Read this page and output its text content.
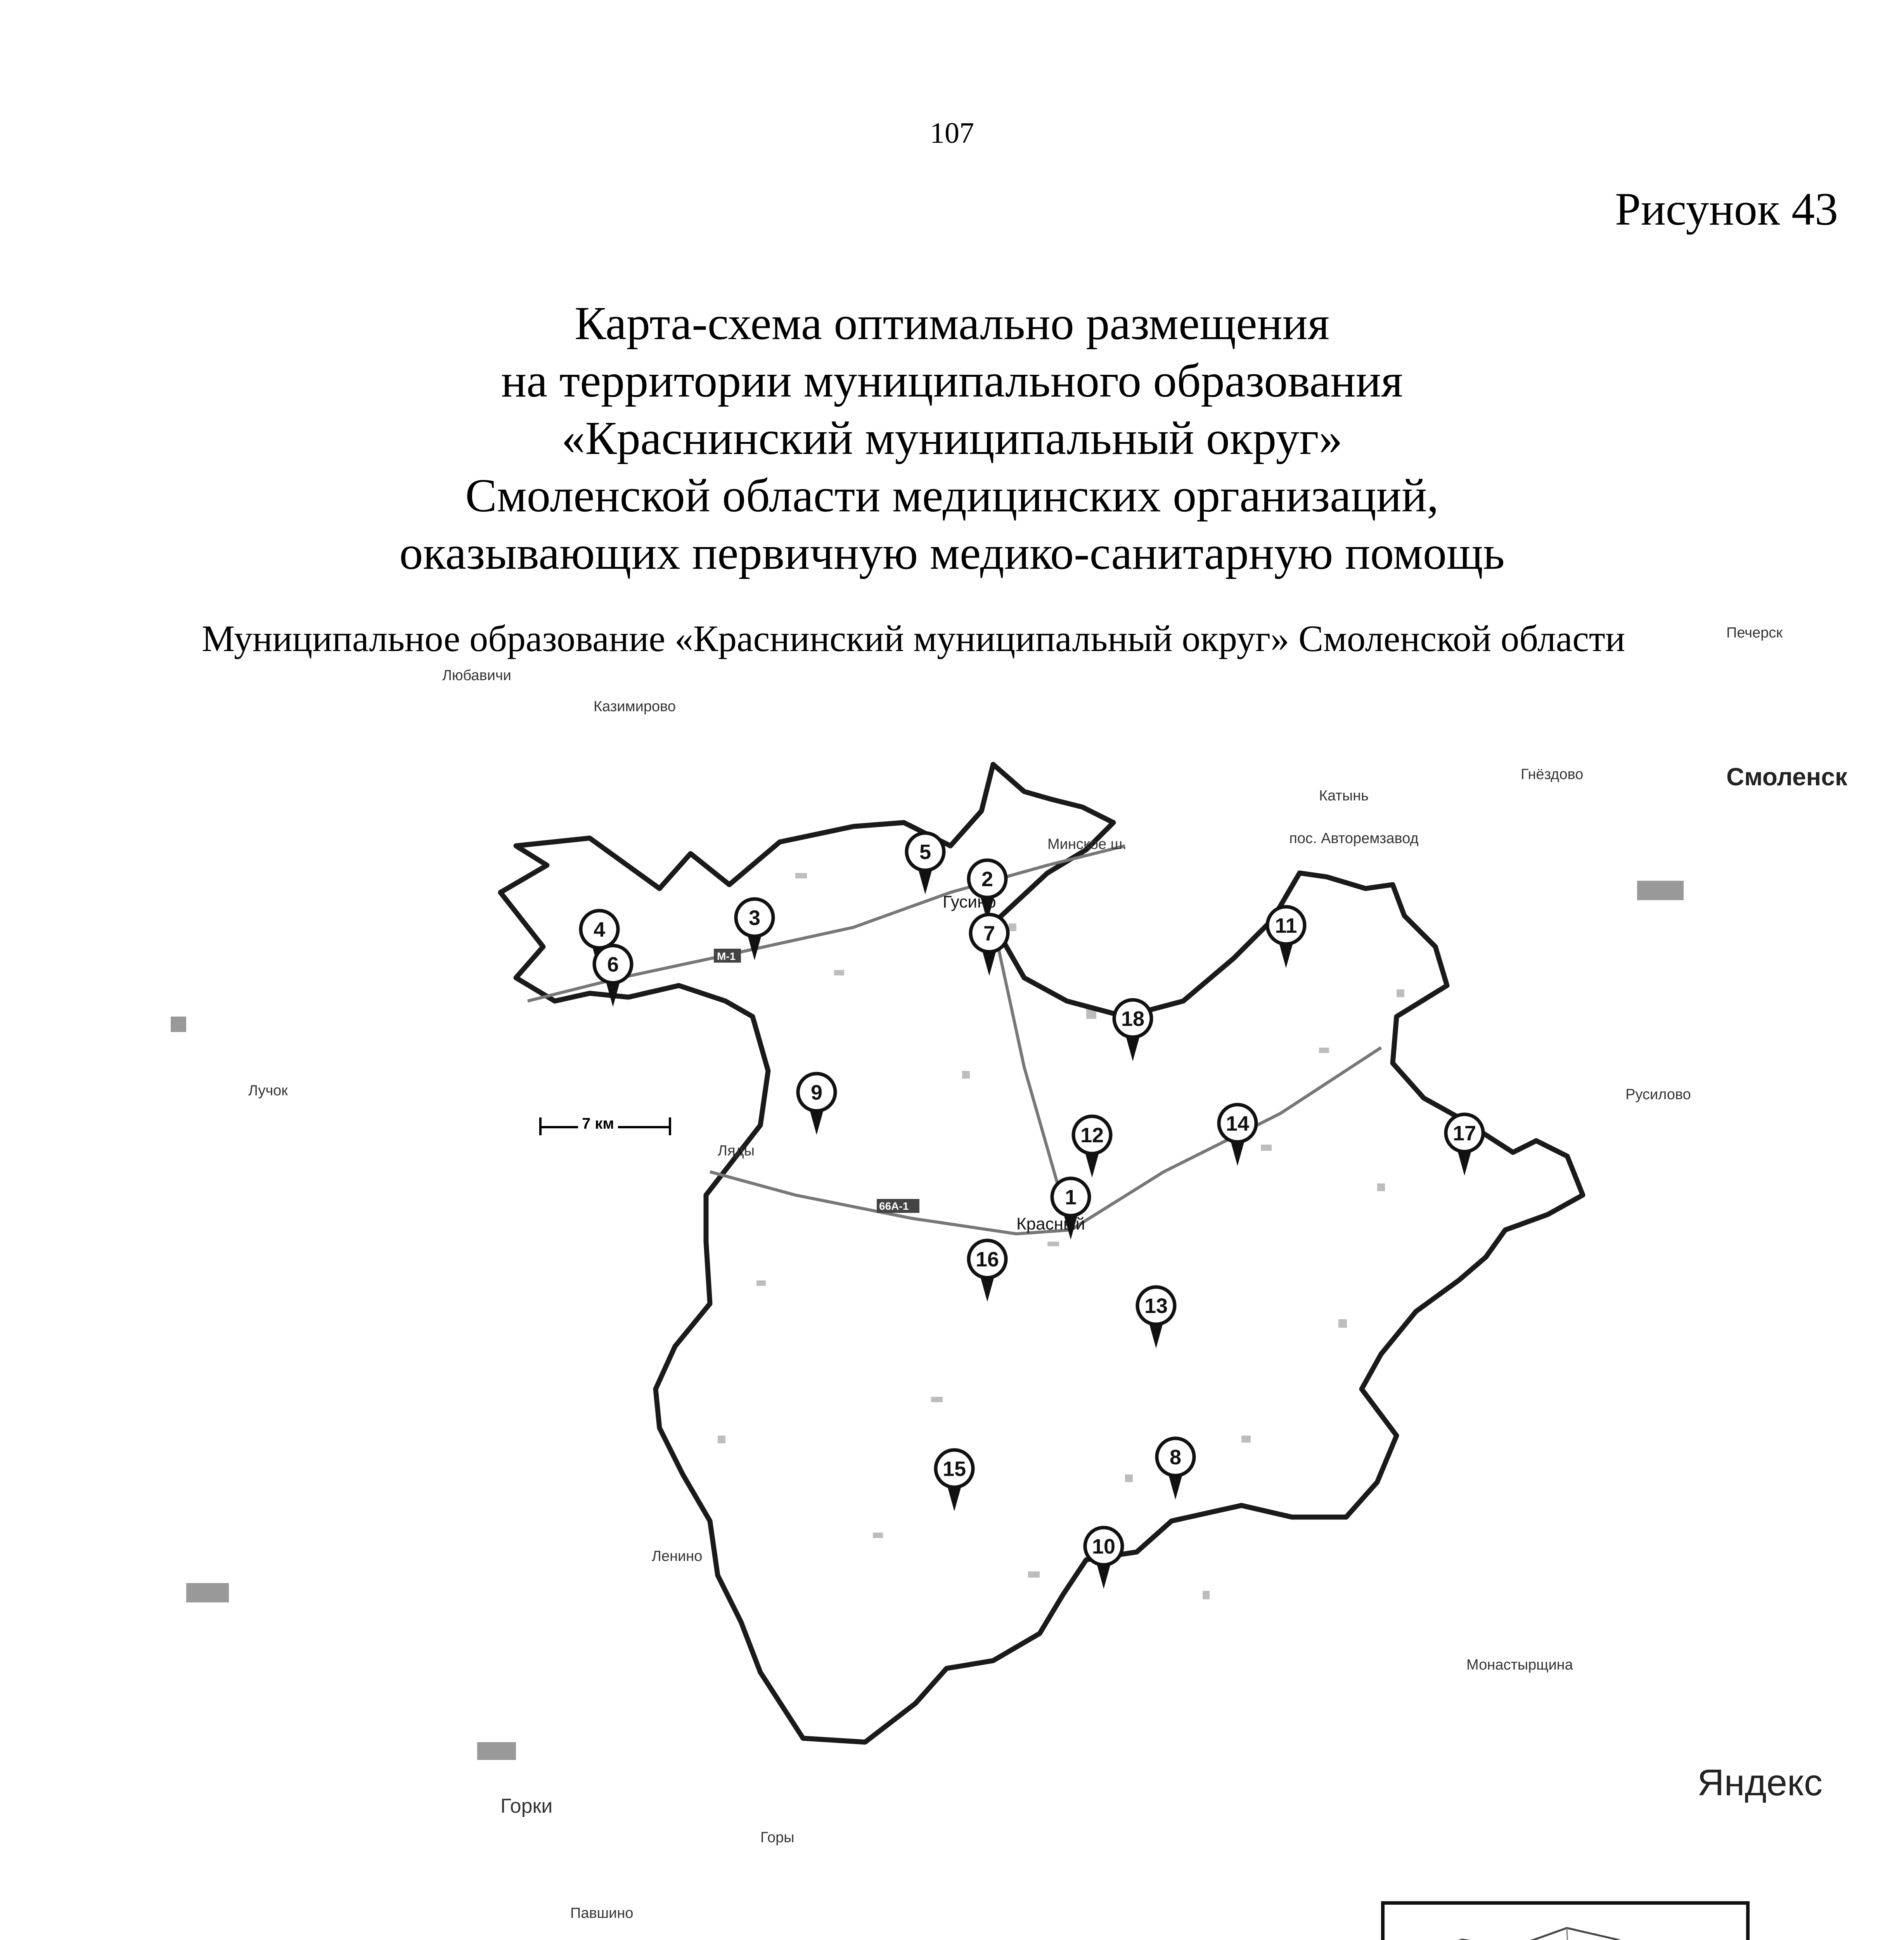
107
Рисунок 43
Карта-схема оптимально размещения
на территории муниципального образования
«Краснинский муниципальный округ»
Смоленской области медицинских организаций,
оказывающих первичную медико-санитарную помощь
Муниципальное образование «Краснинский муниципальный округ» Смоленской области
М-1
66А-1	1
2
3
4
5
6
7
8
9
10
11
12
13
14
15
16
17
18
7 км
Любавичи
Казимирово
Гнёздово	Смоленск
Катынь
пос. Авторемзавод
Минское ш.
Печерск
Русилово
Ляды
Красный
Гусино
Ленино
Монастырщина
Горки
Горы
Павшино
Лучок
Яндекс
